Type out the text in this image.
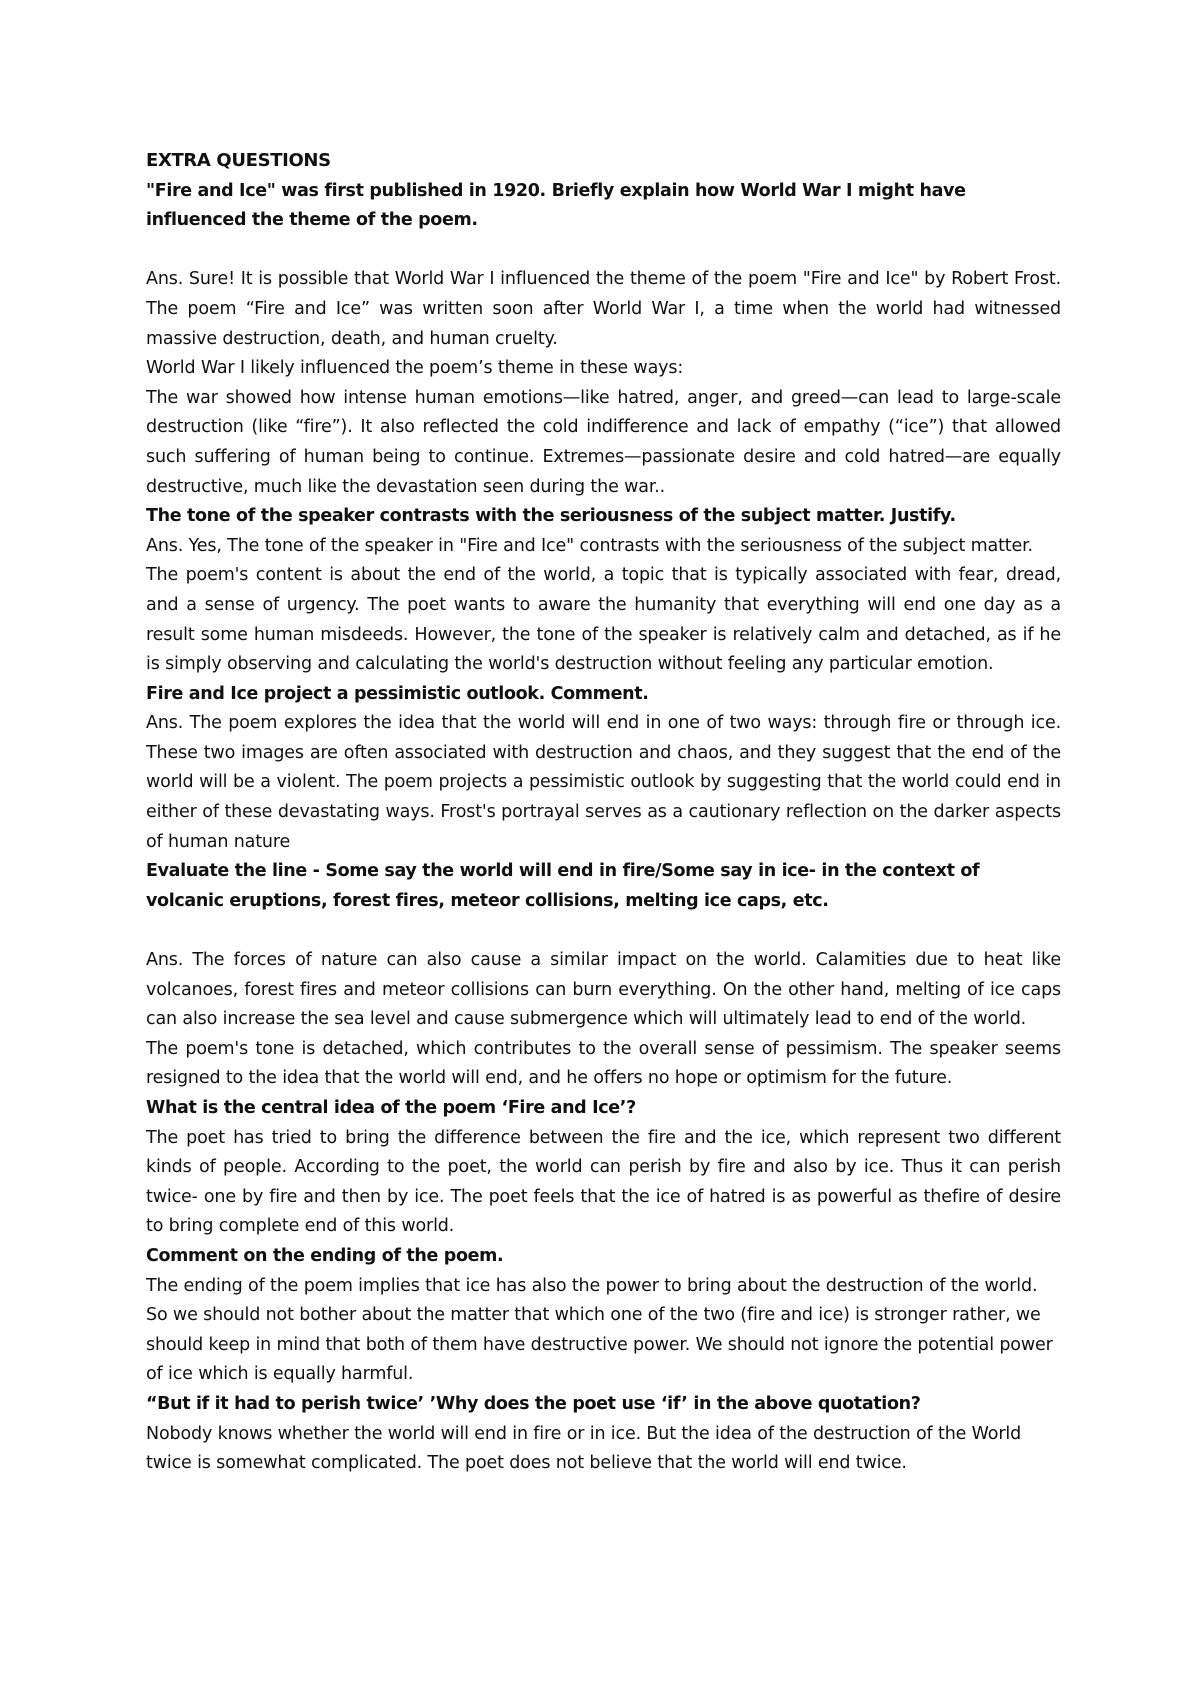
EXTRA QUESTIONS

"Fire and Ice" was first published in 1920. Briefly explain how World War I might have influenced the theme of the poem.

Ans. Sure! It is possible that World War I influenced the theme of the poem "Fire and Ice" by Robert Frost. The poem “Fire and Ice” was written soon after World War I, a time when the world had witnessed massive destruction, death, and human cruelty.

World War I likely influenced the poem’s theme in these ways:

The war showed how intense human emotions—like hatred, anger, and greed—can lead to large-scale destruction (like “fire”). It also reflected the cold indifference and lack of empathy (“ice”) that allowed such suffering of human being to continue. Extremes—passionate desire and cold hatred—are equally destructive, much like the devastation seen during the war..

The tone of the speaker contrasts with the seriousness of the subject matter. Justify.

Ans. Yes, The tone of the speaker in "Fire and Ice" contrasts with the seriousness of the subject matter.

The poem's content is about the end of the world, a topic that is typically associated with fear, dread, and a sense of urgency. The poet wants to aware the humanity that everything will end one day as a result some human misdeeds. However, the tone of the speaker is relatively calm and detached, as if he is simply observing and calculating the world's destruction without feeling any particular emotion.

Fire and Ice project a pessimistic outlook. Comment.

Ans. The poem explores the idea that the world will end in one of two ways: through fire or through ice. These two images are often associated with destruction and chaos, and they suggest that the end of the world will be a violent. The poem projects a pessimistic outlook by suggesting that the world could end in either of these devastating ways. Frost's portrayal serves as a cautionary reflection on the darker aspects of human nature

Evaluate the line - Some say the world will end in fire/Some say in ice- in the context of volcanic eruptions, forest fires, meteor collisions, melting ice caps, etc.

Ans. The forces of nature can also cause a similar impact on the world. Calamities due to heat like volcanoes, forest fires and meteor collisions can burn everything. On the other hand, melting of ice caps can also increase the sea level and cause submergence which will ultimately lead to end of the world.

The poem's tone is detached, which contributes to the overall sense of pessimism. The speaker seems resigned to the idea that the world will end, and he offers no hope or optimism for the future.

What is the central idea of the poem ‘Fire and Ice’?

The poet has tried to bring the difference between the fire and the ice, which represent two different kinds of people. According to the poet, the world can perish by fire and also by ice. Thus it can perish twice- one by fire and then by ice. The poet feels that the ice of hatred is as powerful as thefire of desire to bring complete end of this world.

Comment on the ending of the poem.

The ending of the poem implies that ice has also the power to bring about the destruction of the world. So we should not bother about the matter that which one of the two (fire and ice) is stronger rather, we should keep in mind that both of them have destructive power. We should not ignore the potential power of ice which is equally harmful.

“But if it had to perish twice’ ’Why does the poet use ‘if’ in the above quotation?

Nobody knows whether the world will end in fire or in ice. But the idea of the destruction of the World twice is somewhat complicated. The poet does not believe that the world will end twice.
